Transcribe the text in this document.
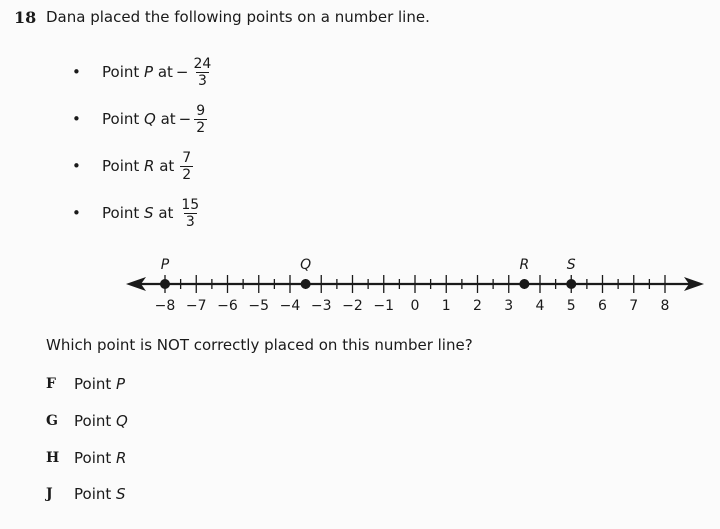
18 Dana placed the following points on a number line.
•	Point P at − $\frac{24}{3}$
•	Point Q at − $\frac{9}{2}$
•	Point R at $\frac{7}{2}$
•	Point S at $\frac{15}{3}$
−8 −7 −6 −5 −4 −3 −2 −1 0 1 2 3 4 5 6 7 8
P	Q	R	S
Which point is NOT correctly placed on this number line?
F	Point P
G	Point Q
H Point R
J	Point S
